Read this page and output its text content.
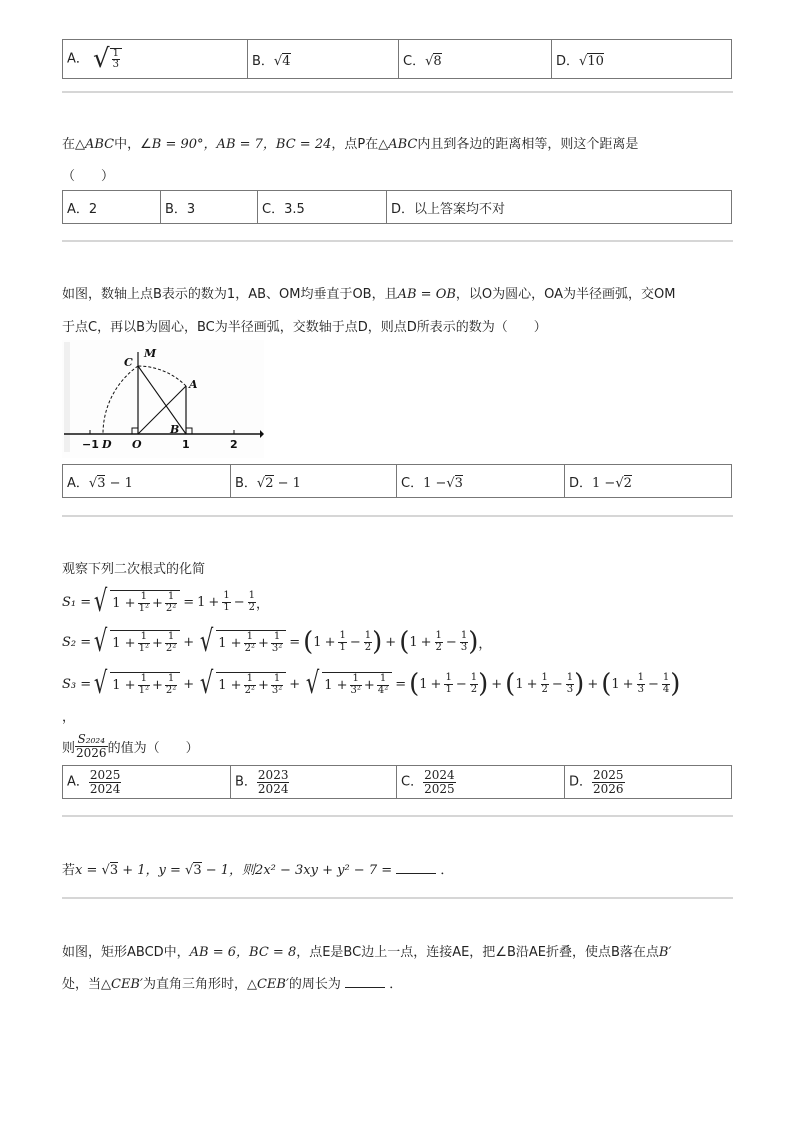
A． √ $\frac{1}{3}$	B．√4	C．√8	D．√10
在△ABC中，∠B = 90°，AB = 7，BC = 24，点P在△ABC内且到各边的距离相等，则这个距离是
（　　）
A．2	B．3	C．3.5	D．以上答案均不对
如图，数轴上点B表示的数为1，AB、OM均垂直于OB，且AB = OB，以O为圆心，OA为半径画弧，交OM
于点C，再以B为圆心，BC为半径画弧，交数轴于点D，则点D所表示的数为（　　）
C
M
A
B
O
D
−1	1	2
A．√3 − 1	B．√2 − 1	C．1 −√3	D．1 −√2
观察下列二次根式的化简
S₁ = √ $1 + \frac{1}{\text{1²}} + \frac{1}{\text{2²}} = 1 + \frac{1}{1} - \frac{1}{2}$ ，
S₂ = √ $1 + \frac{1}{\text{1²}} + \frac{1}{\text{2²}}$ + √ $1 + \frac{1}{\text{2²}} + \frac{1}{\text{3²}}$ = ( $1 + \frac{1}{1} - \frac{1}{2}$ ) + ( $1 + \frac{1}{2} - \frac{1}{3}$ ) ，
S₃ = √ $1 + \frac{1}{\text{1²}} + \frac{1}{\text{2²}}$ + √ $1 + \frac{1}{\text{2²}} + \frac{1}{\text{3²}}$ + √ $1 + \frac{1}{\text{3²}} + \frac{1}{\text{4²}}$ = ( $1 + \frac{1}{1} - \frac{1}{2}$ ) + ( $1 + \frac{1}{2} - \frac{1}{3}$ ) + ( $1 + \frac{1}{3} - \frac{1}{4}$ )
，
则 $\frac{\text{S₂₀₂₄}}{2026}$ 的值为（　　）
A． $\frac{2025}{2024}$	B． $\frac{2023}{2024}$	C． $\frac{2024}{2025}$	D． $\frac{2025}{2026}$
若x = √3 + 1，y = √3 − 1，则2x² − 3xy + y² − 7 =	．
如图，矩形ABCD中，AB = 6，BC = 8，点E是BC边上一点，连接AE，把∠B沿AE折叠，使点B落在点B′
处，当△CEB′为直角三角形时，△CEB′的周长为	．
